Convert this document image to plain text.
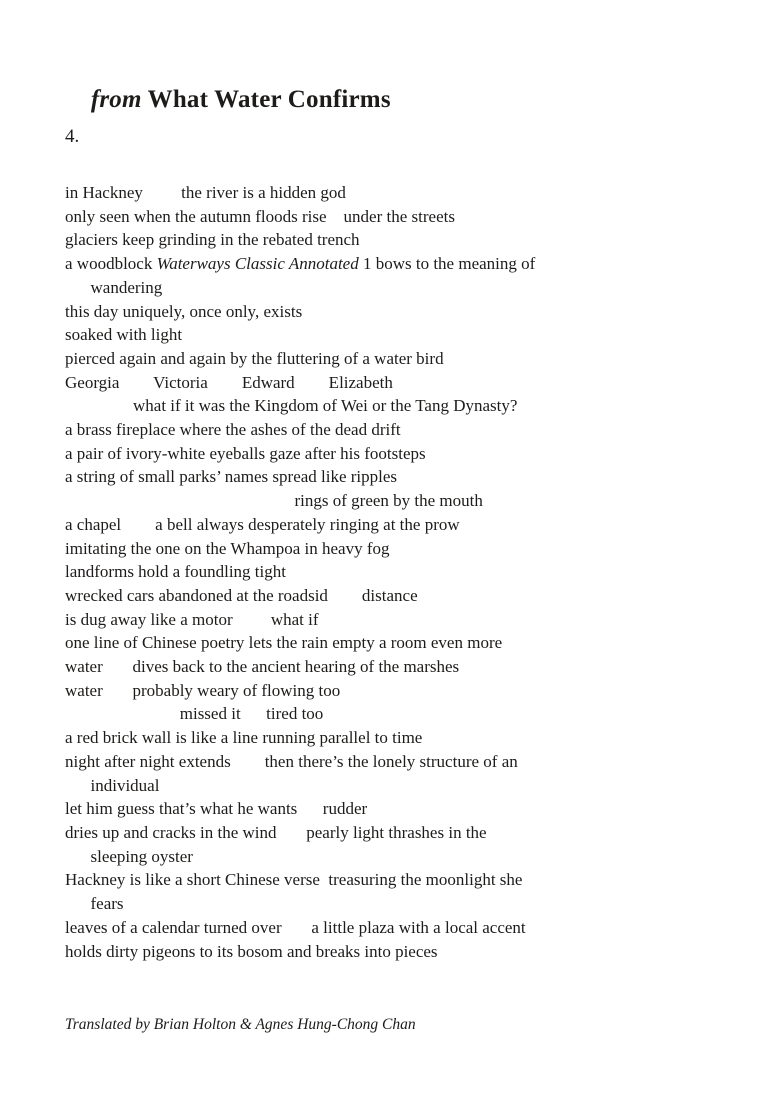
from What Water Confirms

4.
in Hackney         the river is a hidden god
only seen when the autumn floods rise    under the streets
glaciers keep grinding in the rebated trench
a woodblock Waterways Classic Annotated 1 bows to the meaning of
wandering
this day uniquely, once only, exists
soaked with light
pierced again and again by the fluttering of a water bird
Georgia        Victoria        Edward        Elizabeth
what if it was the Kingdom of Wei or the Tang Dynasty?
a brass fireplace where the ashes of the dead drift
a pair of ivory-white eyeballs gaze after his footsteps
a string of small parks’ names spread like ripples
rings of green by the mouth
a chapel        a bell always desperately ringing at the prow
imitating the one on the Whampoa in heavy fog
landforms hold a foundling tight
wrecked cars abandoned at the roadsid        distance
is dug away like a motor         what if
one line of Chinese poetry lets the rain empty a room even more
water       dives back to the ancient hearing of the marshes
water       probably weary of flowing too
missed it      tired too
a red brick wall is like a line running parallel to time
night after night extends        then there’s the lonely structure of an
individual
let him guess that’s what he wants      rudder
dries up and cracks in the wind       pearly light thrashes in the
sleeping oyster
Hackney is like a short Chinese verse  treasuring the moonlight she
fears
leaves of a calendar turned over       a little plaza with a local accent
holds dirty pigeons to its bosom and breaks into pieces
Translated by Brian Holton & Agnes Hung-Chong Chan
